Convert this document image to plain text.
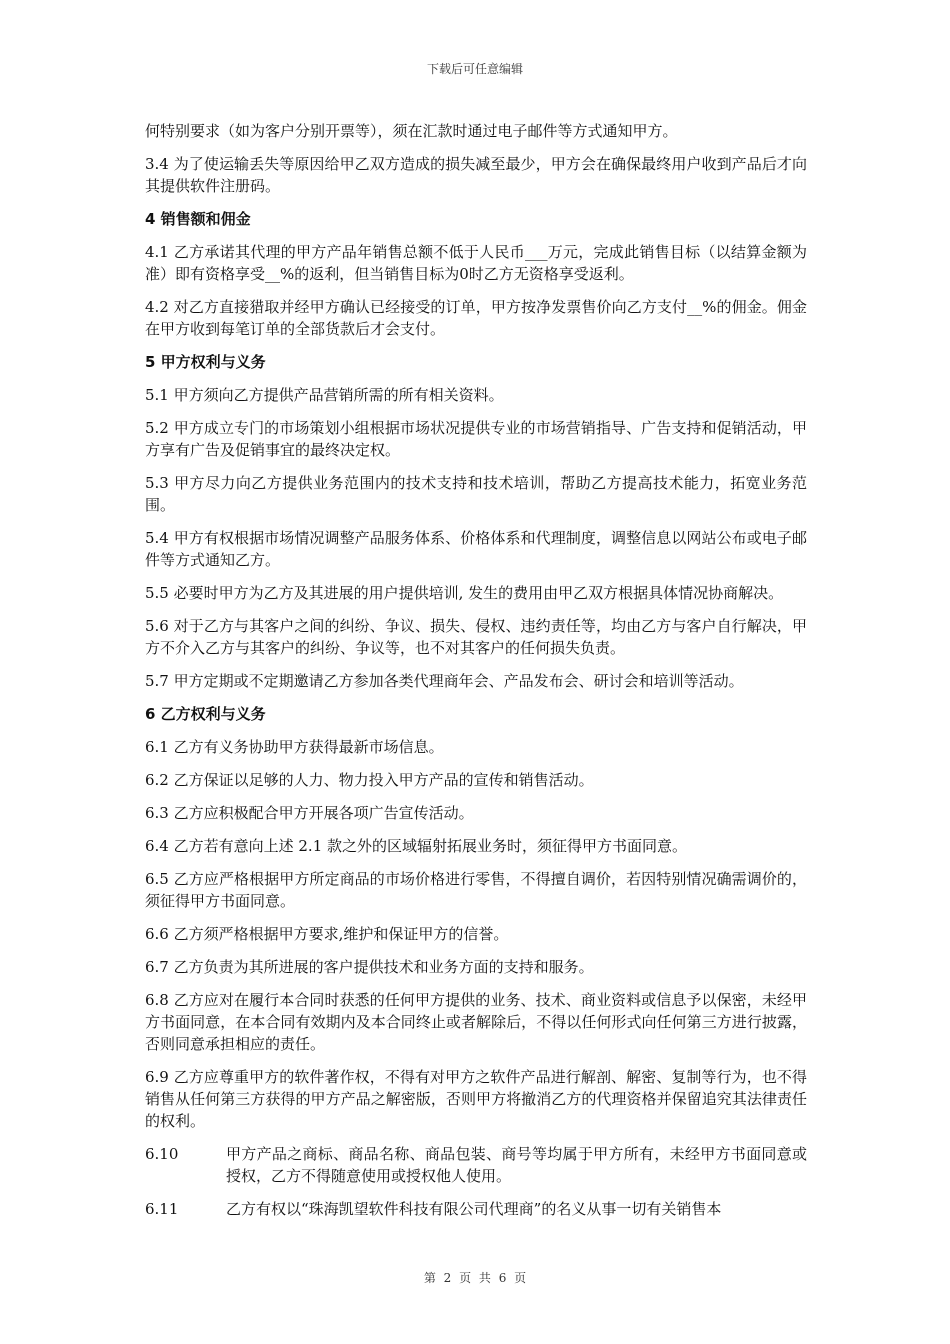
下载后可任意编辑
何特别要求（如为客户分别开票等），须在汇款时通过电子邮件等方式通知甲方。
3.4 为了使运输丢失等原因给甲乙双方造成的损失减至最少，甲方会在确保最终用户收到产品后才向其提供软件注册码。
4 销售额和佣金
4.1 乙方承诺其代理的甲方产品年销售总额不低于人民币___万元，完成此销售目标（以结算金额为准）即有资格享受__%的返利，但当销售目标为0时乙方无资格享受返利。
4.2 对乙方直接猎取并经甲方确认已经接受的订单，甲方按净发票售价向乙方支付__%的佣金。佣金在甲方收到每笔订单的全部货款后才会支付。
5 甲方权利与义务
5.1 甲方须向乙方提供产品营销所需的所有相关资料。
5.2 甲方成立专门的市场策划小组根据市场状况提供专业的市场营销指导、广告支持和促销活动，甲方享有广告及促销事宜的最终决定权。
5.3 甲方尽力向乙方提供业务范围内的技术支持和技术培训，帮助乙方提高技术能力，拓宽业务范围。
5.4 甲方有权根据市场情况调整产品服务体系、价格体系和代理制度，调整信息以网站公布或电子邮件等方式通知乙方。
5.5 必要时甲方为乙方及其进展的用户提供培训, 发生的费用由甲乙双方根据具体情况协商解决。
5.6 对于乙方与其客户之间的纠纷、争议、损失、侵权、违约责任等，均由乙方与客户自行解决，甲方不介入乙方与其客户的纠纷、争议等，也不对其客户的任何损失负责。
5.7 甲方定期或不定期邀请乙方参加各类代理商年会、产品发布会、研讨会和培训等活动。
6 乙方权利与义务
6.1 乙方有义务协助甲方获得最新市场信息。
6.2 乙方保证以足够的人力、物力投入甲方产品的宣传和销售活动。
6.3 乙方应积极配合甲方开展各项广告宣传活动。
6.4 乙方若有意向上述 2.1 款之外的区域辐射拓展业务时，须征得甲方书面同意。
6.5 乙方应严格根据甲方所定商品的市场价格进行零售，不得擅自调价，若因特别情况确需调价的，须征得甲方书面同意。
6.6 乙方须严格根据甲方要求,维护和保证甲方的信誉。
6.7 乙方负责为其所进展的客户提供技术和业务方面的支持和服务。
6.8 乙方应对在履行本合同时获悉的任何甲方提供的业务、技术、商业资料或信息予以保密，未经甲方书面同意，在本合同有效期内及本合同终止或者解除后，不得以任何形式向任何第三方进行披露，否则同意承担相应的责任。
6.9 乙方应尊重甲方的软件著作权，不得有对甲方之软件产品进行解剖、解密、复制等行为，也不得销售从任何第三方获得的甲方产品之解密版，否则甲方将撤消乙方的代理资格并保留追究其法律责任的权利。
6.10	甲方产品之商标、商品名称、商品包装、商号等均属于甲方所有，未经甲方书面同意或授权，乙方不得随意使用或授权他人使用。
6.11	乙方有权以“珠海凯望软件科技有限公司代理商”的名义从事一切有关销售本
第 2 页 共 6 页
